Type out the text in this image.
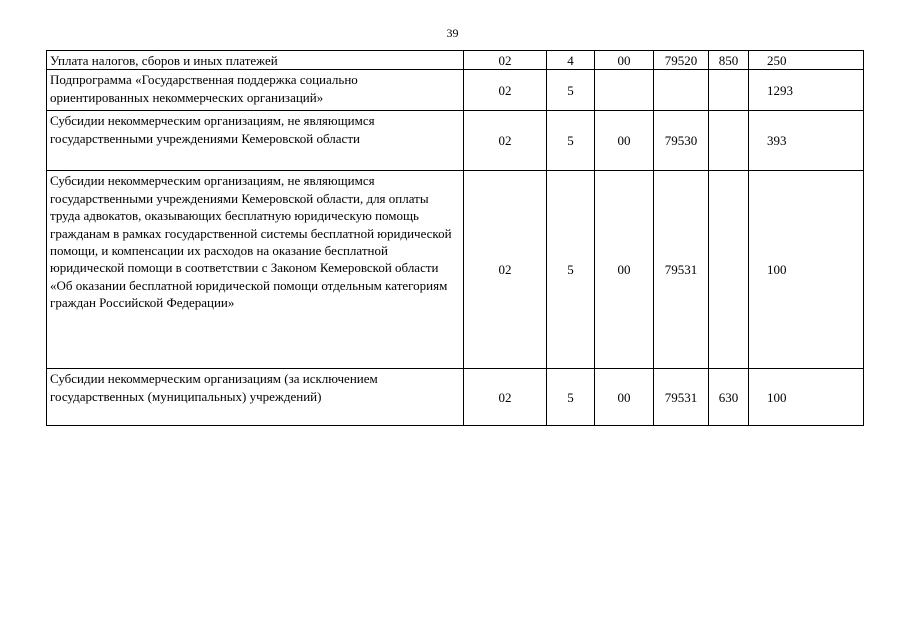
39
Уплата налогов, сборов и иных платежей	02	4	00	79520	850	250
Подпрограмма «Государственная поддержка социально ориентированных некоммерческих организаций»	02	5				1293
Субсидии некоммерческим организациям, не являющимся государственными учреждениями Кемеровской области	02	5	00	79530		393
Субсидии некоммерческим организациям, не являющимся государственными учреждениями Кемеровской области, для оплаты труда адвокатов, оказывающих бесплатную юридическую помощь гражданам в рамках государственной системы бесплатной юридической помощи, и компенсации их расходов на оказание бесплатной юридической помощи в соответствии с Законом Кемеровской области «Об оказании бесплатной юридической помощи отдельным категориям граждан Российской Федерации»	02	5	00	79531		100
Субсидии некоммерческим организациям (за исключением государственных (муниципальных) учреждений)	02	5	00	79531	630	100
